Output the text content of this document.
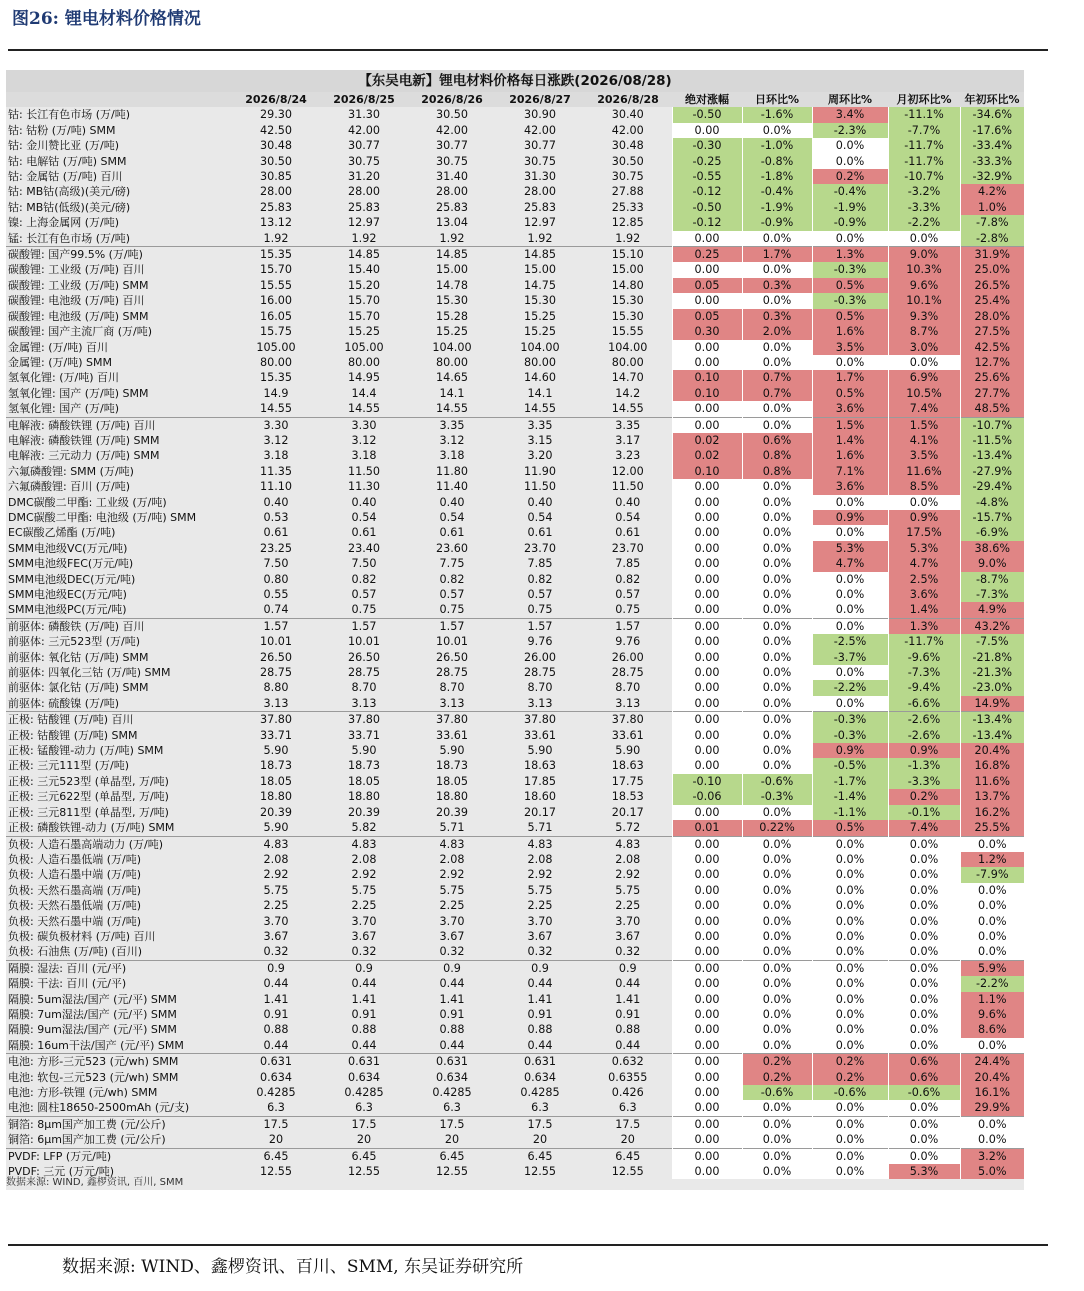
图26: 锂电材料价格情况
【东吴电新】锂电材料价格每日涨跌(2026/08/28)
	2026/8/24	2026/8/25	2026/8/26	2026/8/27	2026/8/28	绝对涨幅	日环比%	周环比%	月初环比%	年初环比%
钴: 长江有色市场 (万/吨)	29.30	31.30	30.50	30.90	30.40	-0.50	-1.6%	3.4%	-11.1%	-34.6%
钴: 钴粉 (万/吨) SMM	42.50	42.00	42.00	42.00	42.00	0.00	0.0%	-2.3%	-7.7%	-17.6%
钴: 金川赞比亚 (万/吨)	30.48	30.77	30.77	30.77	30.48	-0.30	-1.0%	0.0%	-11.7%	-33.4%
钴: 电解钴 (万/吨) SMM	30.50	30.75	30.75	30.75	30.50	-0.25	-0.8%	0.0%	-11.7%	-33.3%
钴: 金属钴 (万/吨) 百川	30.85	31.20	31.40	31.30	30.75	-0.55	-1.8%	0.2%	-10.7%	-32.9%
钴: MB钴(高级)(美元/磅)	28.00	28.00	28.00	28.00	27.88	-0.12	-0.4%	-0.4%	-3.2%	4.2%
钴: MB钴(低级)(美元/磅)	25.83	25.83	25.83	25.83	25.33	-0.50	-1.9%	-1.9%	-3.3%	1.0%
镍: 上海金属网 (万/吨)	13.12	12.97	13.04	12.97	12.85	-0.12	-0.9%	-0.9%	-2.2%	-7.8%
锰: 长江有色市场 (万/吨)	1.92	1.92	1.92	1.92	1.92	0.00	0.0%	0.0%	0.0%	-2.8%
碳酸锂: 国产99.5% (万/吨)	15.35	14.85	14.85	14.85	15.10	0.25	1.7%	1.3%	9.0%	31.9%
碳酸锂: 工业级 (万/吨) 百川	15.70	15.40	15.00	15.00	15.00	0.00	0.0%	-0.3%	10.3%	25.0%
碳酸锂: 工业级 (万/吨) SMM	15.55	15.20	14.78	14.75	14.80	0.05	0.3%	0.5%	9.6%	26.5%
碳酸锂: 电池级 (万/吨) 百川	16.00	15.70	15.30	15.30	15.30	0.00	0.0%	-0.3%	10.1%	25.4%
碳酸锂: 电池级 (万/吨) SMM	16.05	15.70	15.28	15.25	15.30	0.05	0.3%	0.5%	9.3%	28.0%
碳酸锂: 国产主流厂商 (万/吨)	15.75	15.25	15.25	15.25	15.55	0.30	2.0%	1.6%	8.7%	27.5%
金属锂: (万/吨) 百川	105.00	105.00	104.00	104.00	104.00	0.00	0.0%	3.5%	3.0%	42.5%
金属锂: (万/吨) SMM	80.00	80.00	80.00	80.00	80.00	0.00	0.0%	0.0%	0.0%	12.7%
氢氧化锂: (万/吨) 百川	15.35	14.95	14.65	14.60	14.70	0.10	0.7%	1.7%	6.9%	25.6%
氢氧化锂: 国产 (万/吨) SMM	14.9	14.4	14.1	14.1	14.2	0.10	0.7%	0.5%	10.5%	27.7%
氢氧化锂: 国产 (万/吨)	14.55	14.55	14.55	14.55	14.55	0.00	0.0%	3.6%	7.4%	48.5%
电解液: 磷酸铁锂 (万/吨) 百川	3.30	3.30	3.35	3.35	3.35	0.00	0.0%	1.5%	1.5%	-10.7%
电解液: 磷酸铁锂 (万/吨) SMM	3.12	3.12	3.12	3.15	3.17	0.02	0.6%	1.4%	4.1%	-11.5%
电解液: 三元动力 (万/吨) SMM	3.18	3.18	3.18	3.20	3.23	0.02	0.8%	1.6%	3.5%	-13.4%
六氟磷酸锂: SMM (万/吨)	11.35	11.50	11.80	11.90	12.00	0.10	0.8%	7.1%	11.6%	-27.9%
六氟磷酸锂: 百川 (万/吨)	11.10	11.30	11.40	11.50	11.50	0.00	0.0%	3.6%	8.5%	-29.4%
DMC碳酸二甲酯: 工业级 (万/吨)	0.40	0.40	0.40	0.40	0.40	0.00	0.0%	0.0%	0.0%	-4.8%
DMC碳酸二甲酯: 电池级 (万/吨) SMM	0.53	0.54	0.54	0.54	0.54	0.00	0.0%	0.9%	0.9%	-15.7%
EC碳酸乙烯酯 (万/吨)	0.61	0.61	0.61	0.61	0.61	0.00	0.0%	0.0%	17.5%	-6.9%
SMM电池级VC(万元/吨)	23.25	23.40	23.60	23.70	23.70	0.00	0.0%	5.3%	5.3%	38.6%
SMM电池级FEC(万元/吨)	7.50	7.50	7.75	7.85	7.85	0.00	0.0%	4.7%	4.7%	9.0%
SMM电池级DEC(万元/吨)	0.80	0.82	0.82	0.82	0.82	0.00	0.0%	0.0%	2.5%	-8.7%
SMM电池级EC(万元/吨)	0.55	0.57	0.57	0.57	0.57	0.00	0.0%	0.0%	3.6%	-7.3%
SMM电池级PC(万元/吨)	0.74	0.75	0.75	0.75	0.75	0.00	0.0%	0.0%	1.4%	4.9%
前驱体: 磷酸铁 (万/吨) 百川	1.57	1.57	1.57	1.57	1.57	0.00	0.0%	0.0%	1.3%	43.2%
前驱体: 三元523型 (万/吨)	10.01	10.01	10.01	9.76	9.76	0.00	0.0%	-2.5%	-11.7%	-7.5%
前驱体: 氧化钴 (万/吨) SMM	26.50	26.50	26.50	26.00	26.00	0.00	0.0%	-3.7%	-9.6%	-21.8%
前驱体: 四氧化三钴 (万/吨) SMM	28.75	28.75	28.75	28.75	28.75	0.00	0.0%	0.0%	-7.3%	-21.3%
前驱体: 氯化钴 (万/吨) SMM	8.80	8.70	8.70	8.70	8.70	0.00	0.0%	-2.2%	-9.4%	-23.0%
前驱体: 硫酸镍 (万/吨)	3.13	3.13	3.13	3.13	3.13	0.00	0.0%	0.0%	-6.6%	14.9%
正极: 钴酸锂 (万/吨) 百川	37.80	37.80	37.80	37.80	37.80	0.00	0.0%	-0.3%	-2.6%	-13.4%
正极: 钴酸锂 (万/吨) SMM	33.71	33.71	33.61	33.61	33.61	0.00	0.0%	-0.3%	-2.6%	-13.4%
正极: 锰酸锂-动力 (万/吨) SMM	5.90	5.90	5.90	5.90	5.90	0.00	0.0%	0.9%	0.9%	20.4%
正极: 三元111型 (万/吨)	18.73	18.73	18.73	18.63	18.63	0.00	0.0%	-0.5%	-1.3%	16.8%
正极: 三元523型 (单晶型, 万/吨)	18.05	18.05	18.05	17.85	17.75	-0.10	-0.6%	-1.7%	-3.3%	11.6%
正极: 三元622型 (单晶型, 万/吨)	18.80	18.80	18.80	18.60	18.53	-0.06	-0.3%	-1.4%	0.2%	13.7%
正极: 三元811型 (单晶型, 万/吨)	20.39	20.39	20.39	20.17	20.17	0.00	0.0%	-1.1%	-0.1%	16.2%
正极: 磷酸铁锂-动力 (万/吨) SMM	5.90	5.82	5.71	5.71	5.72	0.01	0.22%	0.5%	7.4%	25.5%
负极: 人造石墨高端动力 (万/吨)	4.83	4.83	4.83	4.83	4.83	0.00	0.0%	0.0%	0.0%	0.0%
负极: 人造石墨低端 (万/吨)	2.08	2.08	2.08	2.08	2.08	0.00	0.0%	0.0%	0.0%	1.2%
负极: 人造石墨中端 (万/吨)	2.92	2.92	2.92	2.92	2.92	0.00	0.0%	0.0%	0.0%	-7.9%
负极: 天然石墨高端 (万/吨)	5.75	5.75	5.75	5.75	5.75	0.00	0.0%	0.0%	0.0%	0.0%
负极: 天然石墨低端 (万/吨)	2.25	2.25	2.25	2.25	2.25	0.00	0.0%	0.0%	0.0%	0.0%
负极: 天然石墨中端 (万/吨)	3.70	3.70	3.70	3.70	3.70	0.00	0.0%	0.0%	0.0%	0.0%
负极: 碳负极材料 (万/吨) 百川	3.67	3.67	3.67	3.67	3.67	0.00	0.0%	0.0%	0.0%	0.0%
负极: 石油焦 (万/吨) (百川)	0.32	0.32	0.32	0.32	0.32	0.00	0.0%	0.0%	0.0%	0.0%
隔膜: 湿法: 百川 (元/平)	0.9	0.9	0.9	0.9	0.9	0.00	0.0%	0.0%	0.0%	5.9%
隔膜: 干法: 百川 (元/平)	0.44	0.44	0.44	0.44	0.44	0.00	0.0%	0.0%	0.0%	-2.2%
隔膜: 5um湿法/国产 (元/平) SMM	1.41	1.41	1.41	1.41	1.41	0.00	0.0%	0.0%	0.0%	1.1%
隔膜: 7um湿法/国产 (元/平) SMM	0.91	0.91	0.91	0.91	0.91	0.00	0.0%	0.0%	0.0%	9.6%
隔膜: 9um湿法/国产 (元/平) SMM	0.88	0.88	0.88	0.88	0.88	0.00	0.0%	0.0%	0.0%	8.6%
隔膜: 16um干法/国产 (元/平) SMM	0.44	0.44	0.44	0.44	0.44	0.00	0.0%	0.0%	0.0%	0.0%
电池: 方形-三元523 (元/wh) SMM	0.631	0.631	0.631	0.631	0.632	0.00	0.2%	0.2%	0.6%	24.4%
电池: 软包-三元523 (元/wh) SMM	0.634	0.634	0.634	0.634	0.6355	0.00	0.2%	0.2%	0.6%	20.4%
电池: 方形-铁锂 (元/wh) SMM	0.4285	0.4285	0.4285	0.4285	0.426	0.00	-0.6%	-0.6%	-0.6%	16.1%
电池: 圆柱18650-2500mAh (元/支)	6.3	6.3	6.3	6.3	6.3	0.00	0.0%	0.0%	0.0%	29.9%
铜箔: 8μm国产加工费 (元/公斤)	17.5	17.5	17.5	17.5	17.5	0.00	0.0%	0.0%	0.0%	0.0%
铜箔: 6μm国产加工费 (元/公斤)	20	20	20	20	20	0.00	0.0%	0.0%	0.0%	0.0%
PVDF: LFP (万元/吨)	6.45	6.45	6.45	6.45	6.45	0.00	0.0%	0.0%	0.0%	3.2%
PVDF: 三元 (万元/吨)	12.55	12.55	12.55	12.55	12.55	0.00	0.0%	0.0%	5.3%	5.0%
数据来源: WIND, 鑫椤资讯, 百川, SMM
数据来源: WIND、鑫椤资讯、百川、SMM, 东吴证券研究所
